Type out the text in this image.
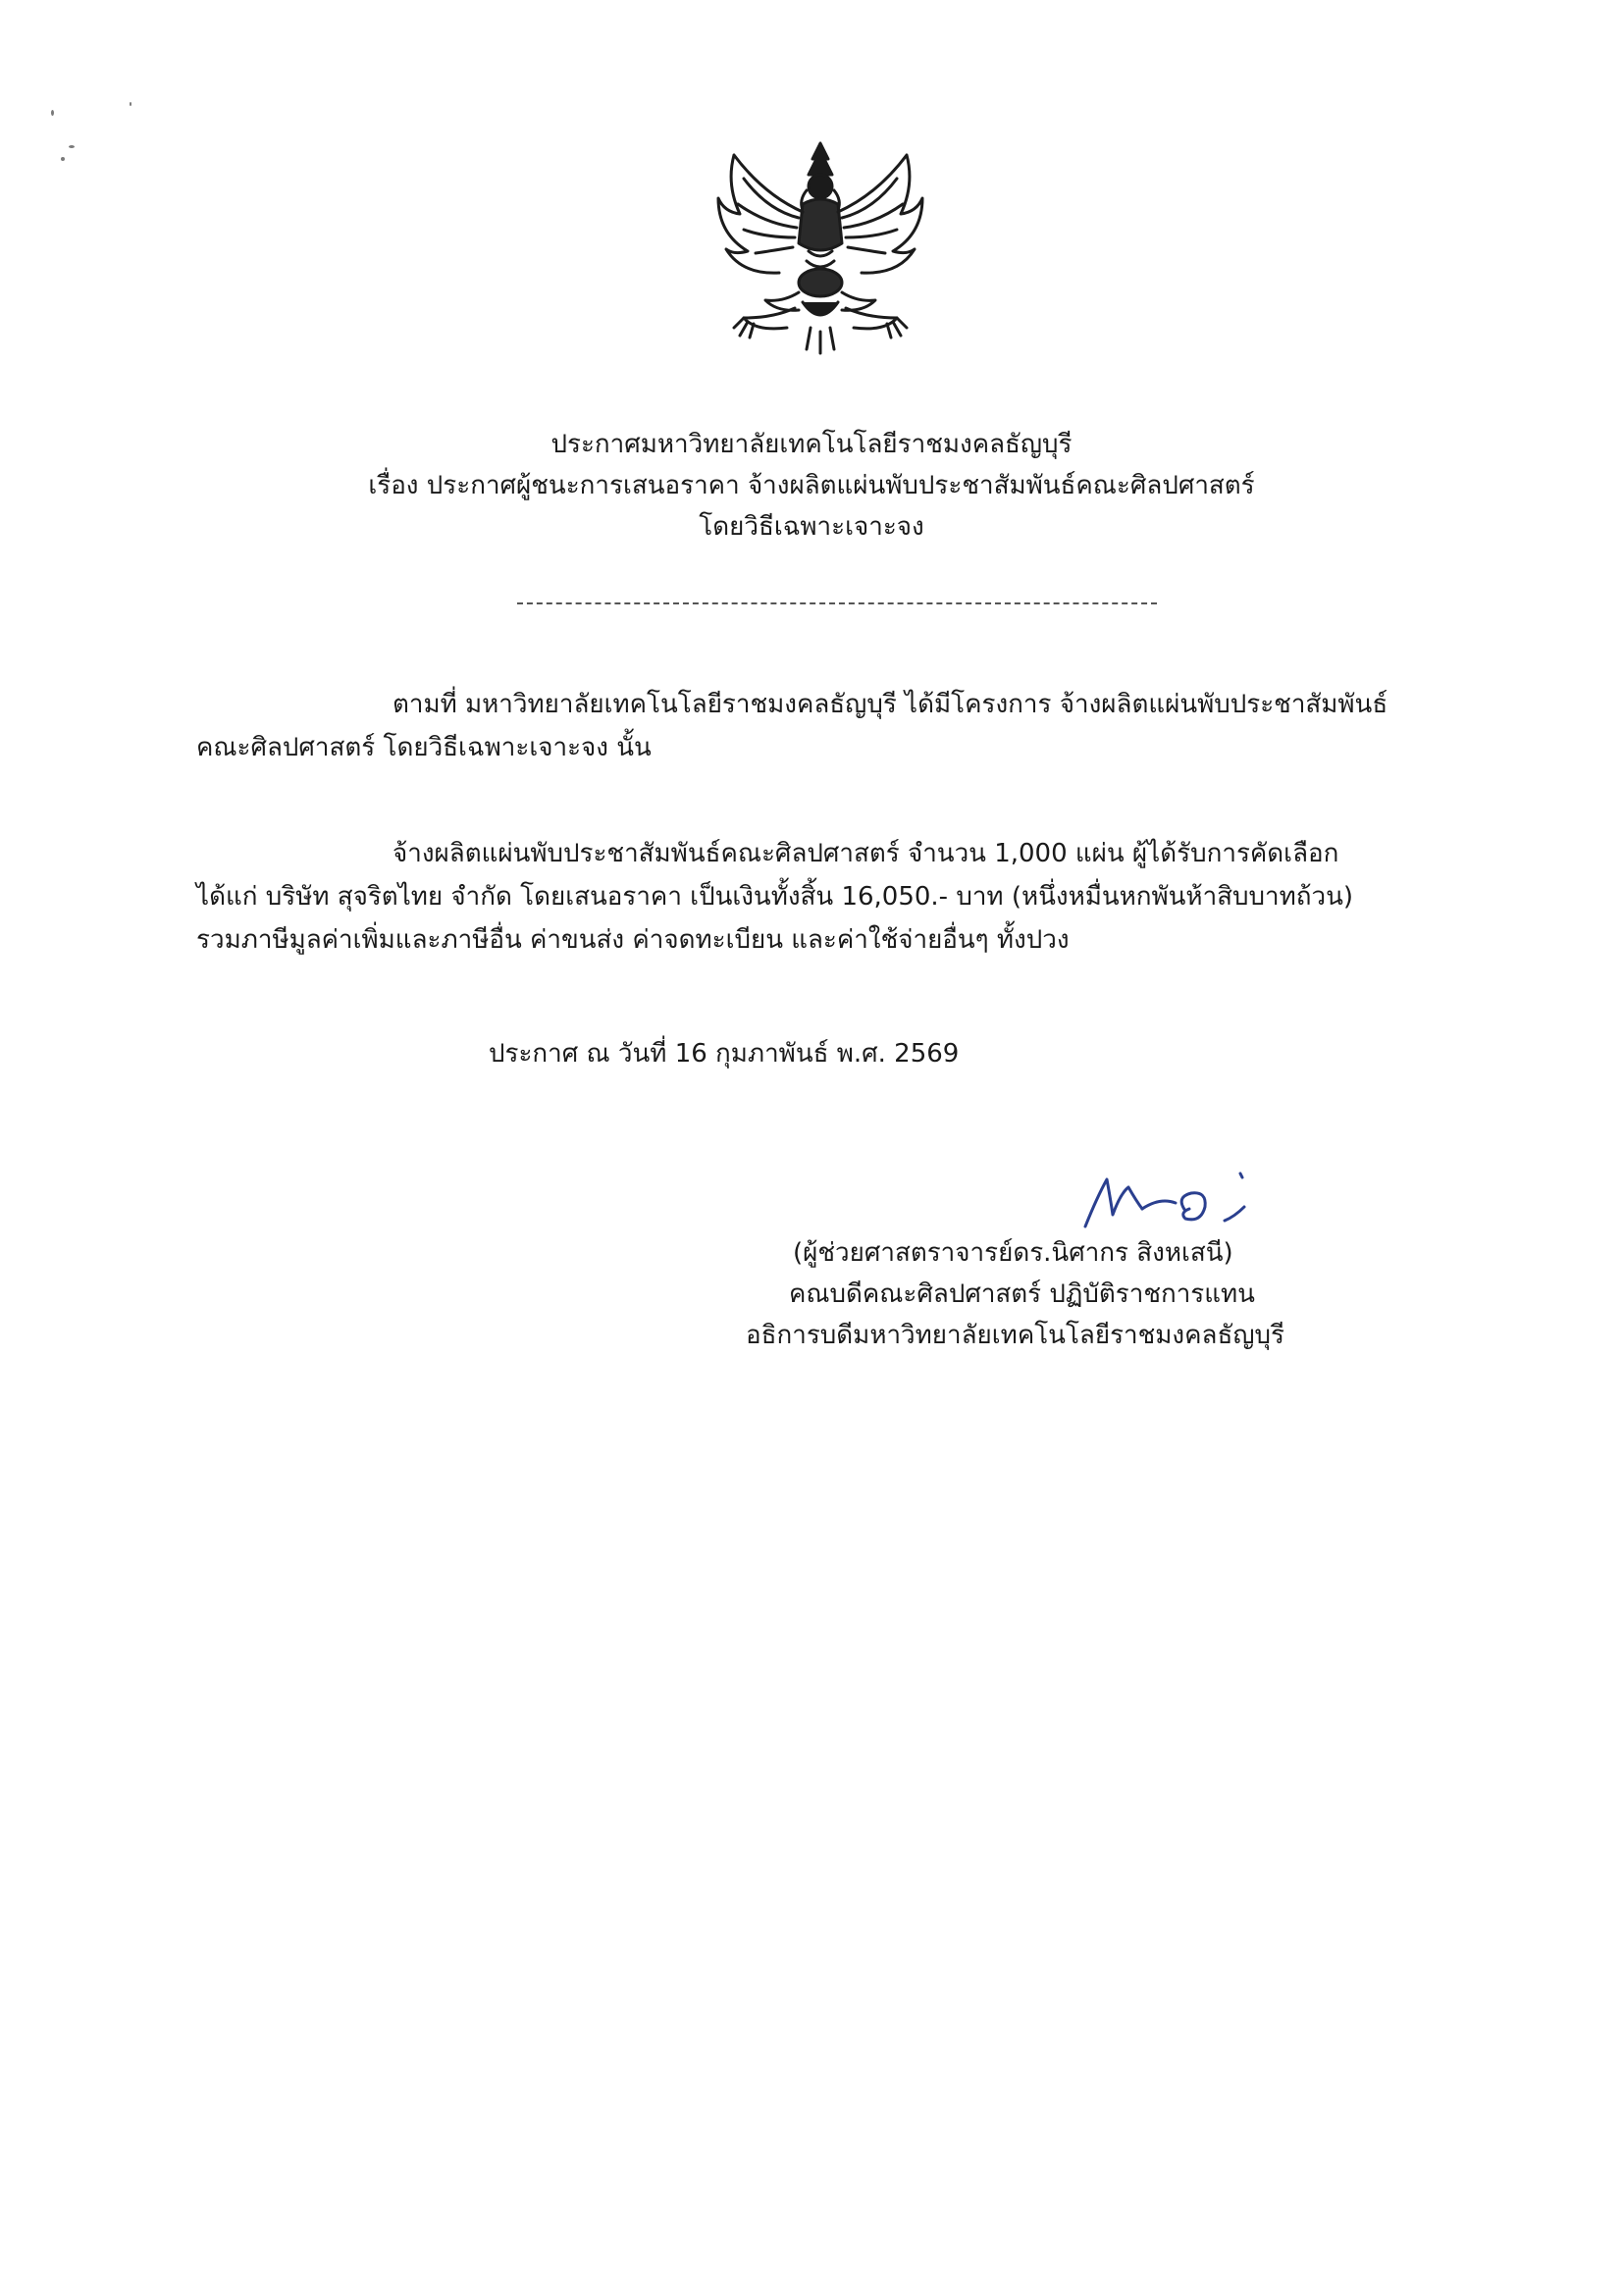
ประกาศมหาวิทยาลัยเทคโนโลยีราชมงคลธัญบุรี
เรื่อง ประกาศผู้ชนะการเสนอราคา จ้างผลิตแผ่นพับประชาสัมพันธ์คณะศิลปศาสตร์
โดยวิธีเฉพาะเจาะจง
ตามที่ มหาวิทยาลัยเทคโนโลยีราชมงคลธัญบุรี ได้มีโครงการ จ้างผลิตแผ่นพับประชาสัมพันธ์
คณะศิลปศาสตร์ โดยวิธีเฉพาะเจาะจง นั้น
จ้างผลิตแผ่นพับประชาสัมพันธ์คณะศิลปศาสตร์ จำนวน 1,000 แผ่น ผู้ได้รับการคัดเลือก
ได้แก่ บริษัท สุจริตไทย จำกัด โดยเสนอราคา เป็นเงินทั้งสิ้น 16,050.- บาท (หนึ่งหมื่นหกพันห้าสิบบาทถ้วน)
รวมภาษีมูลค่าเพิ่มและภาษีอื่น ค่าขนส่ง ค่าจดทะเบียน และค่าใช้จ่ายอื่นๆ ทั้งปวง
ประกาศ ณ วันที่ 16 กุมภาพันธ์ พ.ศ. 2569
(ผู้ช่วยศาสตราจารย์ดร.นิศากร สิงหเสนี)
คณบดีคณะศิลปศาสตร์ ปฏิบัติราชการแทน
อธิการบดีมหาวิทยาลัยเทคโนโลยีราชมงคลธัญบุรี
